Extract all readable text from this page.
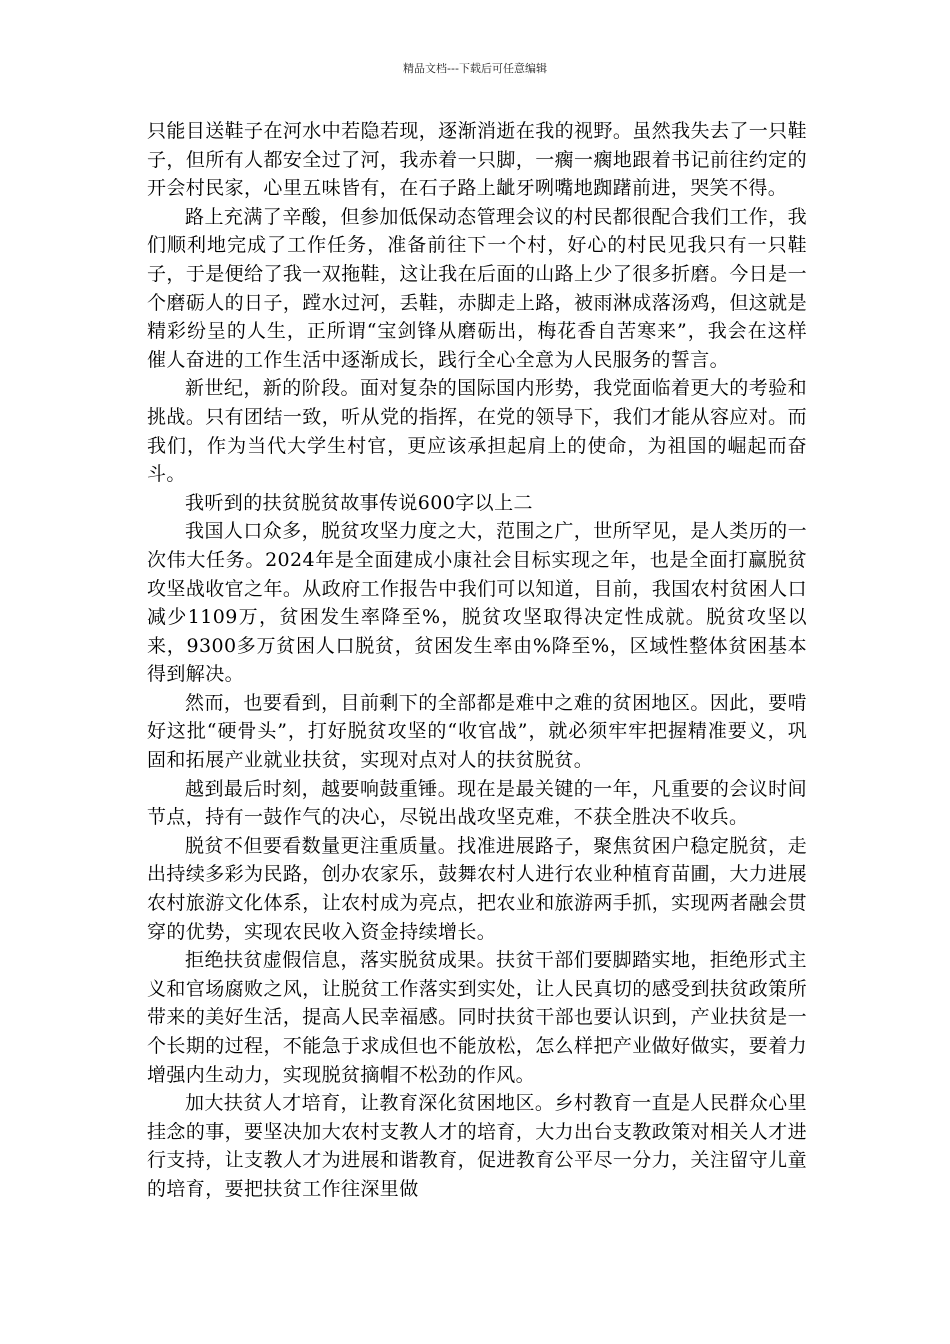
精品文档---下载后可任意编辑

只能目送鞋子在河水中若隐若现，逐渐消逝在我的视野。虽然我失去了一只鞋子，但所有人都安全过了河，我赤着一只脚，一瘸一瘸地跟着书记前往约定的开会村民家，心里五味皆有，在石子路上龇牙咧嘴地踟躇前进，哭笑不得。

路上充满了辛酸，但参加低保动态管理会议的村民都很配合我们工作，我们顺利地完成了工作任务，准备前往下一个村，好心的村民见我只有一只鞋子，于是便给了我一双拖鞋，这让我在后面的山路上少了很多折磨。今日是一个磨砺人的日子，蹚水过河，丢鞋，赤脚走上路，被雨淋成落汤鸡，但这就是精彩纷呈的人生，正所谓“宝剑锋从磨砺出，梅花香自苦寒来”，我会在这样催人奋进的工作生活中逐渐成长，践行全心全意为人民服务的誓言。

新世纪，新的阶段。面对复杂的国际国内形势，我党面临着更大的考验和挑战。只有团结一致，听从党的指挥，在党的领导下，我们才能从容应对。而我们，作为当代大学生村官，更应该承担起肩上的使命，为祖国的崛起而奋斗。

我听到的扶贫脱贫故事传说600字以上二

我国人口众多，脱贫攻坚力度之大，范围之广，世所罕见，是人类历的一次伟大任务。2024年是全面建成小康社会目标实现之年，也是全面打赢脱贫攻坚战收官之年。从政府工作报告中我们可以知道，目前，我国农村贫困人口减少1109万，贫困发生率降至%，脱贫攻坚取得决定性成就。脱贫攻坚以来，9300多万贫困人口脱贫，贫困发生率由%降至%，区域性整体贫困基本得到解决。

然而，也要看到，目前剩下的全部都是难中之难的贫困地区。因此，要啃好这批“硬骨头”，打好脱贫攻坚的“收官战”，就必须牢牢把握精准要义，巩固和拓展产业就业扶贫，实现对点对人的扶贫脱贫。

越到最后时刻，越要响鼓重锤。现在是最关键的一年，凡重要的会议时间节点，持有一鼓作气的决心，尽锐出战攻坚克难，不获全胜决不收兵。

脱贫不但要看数量更注重质量。找准进展路子，聚焦贫困户稳定脱贫，走出持续多彩为民路，创办农家乐，鼓舞农村人进行农业种植育苗圃，大力进展农村旅游文化体系，让农村成为亮点，把农业和旅游两手抓，实现两者融会贯穿的优势，实现农民收入资金持续增长。

拒绝扶贫虚假信息，落实脱贫成果。扶贫干部们要脚踏实地，拒绝形式主义和官场腐败之风，让脱贫工作落实到实处，让人民真切的感受到扶贫政策所带来的美好生活，提高人民幸福感。同时扶贫干部也要认识到，产业扶贫是一个长期的过程，不能急于求成但也不能放松，怎么样把产业做好做实，要着力增强内生动力，实现脱贫摘帽不松劲的作风。

加大扶贫人才培育，让教育深化贫困地区。乡村教育一直是人民群众心里挂念的事，要坚决加大农村支教人才的培育，大力出台支教政策对相关人才进行支持，让支教人才为进展和谐教育，促进教育公平尽一分力，关注留守儿童的培育，要把扶贫工作往深里做
